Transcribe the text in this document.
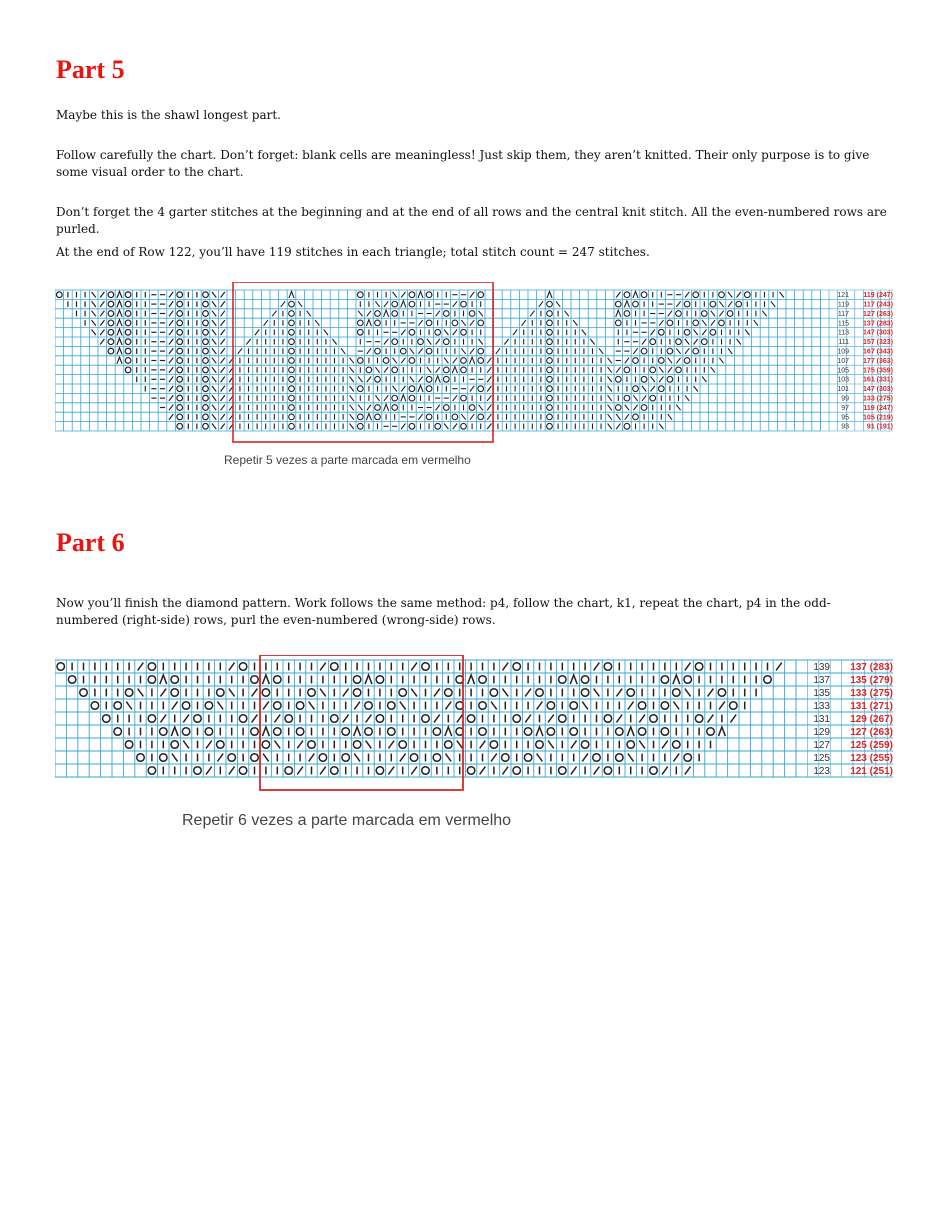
Part 5

Maybe this is the shawl longest part.

Follow carefully the chart. Don’t forget: blank cells are meaningless! Just skip them, they aren’t knitted. Their only purpose is to give some visual order to the chart.

Don’t forget the 4 garter stitches at the beginning and at the end of all rows and the central knit stitch. All the even-numbered rows are purled.

At the end of Row 122, you’ll have 119 stitches in each triangle; total stitch count = 247 stitches.

121 119 (247)
119 117 (243)
117 127 (263)
115 137 (283)
113 147 (303)
111 157 (323)
109 167 (343)
107 177 (363)
105 175 (359)
103 161 (331)
101 147 (303)
99 133 (275)
97 119 (247)
95 105 (219)
93	91 (191)
Repetir 5 vezes a parte marcada em vermelho
Part 6

Now you’ll finish the diamond pattern. Work follows the same method: p4, follow the chart, k1, repeat the chart, p4 in the odd-numbered (right-side) rows, purl the even-numbered (wrong-side) rows.

139 137 (283)
137 135 (279)
135 133 (275)
133 131 (271)
131 129 (267)
129 127 (263)
127 125 (259)
125 123 (255)
123 121 (251)
Repetir 6 vezes a parte marcada em vermelho
